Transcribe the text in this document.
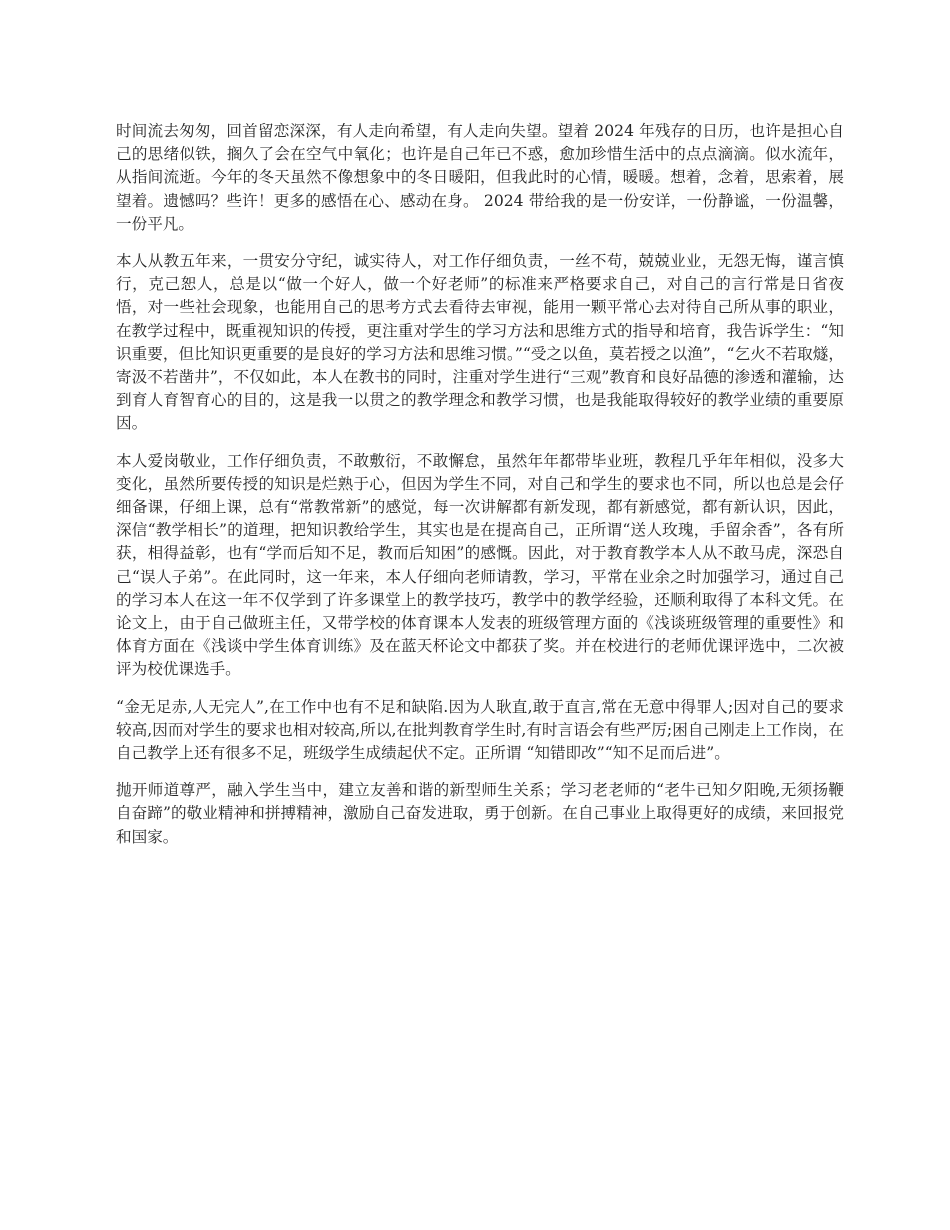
时间流去匆匆，回首留恋深深，有人走向希望，有人走向失望。望着 2024 年残存的日历，也许是担心自己的思绪似铁，搁久了会在空气中氧化；也许是自己年已不惑，愈加珍惜生活中的点点滴滴。似水流年，从指间流逝。今年的冬天虽然不像想象中的冬日暖阳，但我此时的心情，暖暖。想着，念着，思索着，展望着。遗憾吗？些许！更多的感悟在心、感动在身。 2024 带给我的是一份安详，一份静谧，一份温馨，一份平凡。

本人从教五年来，一贯安分守纪，诚实待人，对工作仔细负责，一丝不苟，兢兢业业，无怨无悔，谨言慎行，克己恕人，总是以“做一个好人，做一个好老师”的标准来严格要求自己，对自己的言行常是日省夜悟，对一些社会现象，也能用自己的思考方式去看待去审视，能用一颗平常心去对待自己所从事的职业，在教学过程中，既重视知识的传授，更注重对学生的学习方法和思维方式的指导和培育，我告诉学生：“知识重要，但比知识更重要的是良好的学习方法和思维习惯。”“受之以鱼，莫若授之以渔”，“乞火不若取燧，寄汲不若凿井”，不仅如此，本人在教书的同时，注重对学生进行“三观”教育和良好品德的渗透和灌输，达到育人育智育心的目的，这是我一以贯之的教学理念和教学习惯，也是我能取得较好的教学业绩的重要原因。

本人爱岗敬业，工作仔细负责，不敢敷衍，不敢懈怠，虽然年年都带毕业班，教程几乎年年相似，没多大变化，虽然所要传授的知识是烂熟于心，但因为学生不同，对自己和学生的要求也不同，所以也总是会仔细备课，仔细上课，总有“常教常新”的感觉，每一次讲解都有新发现，都有新感觉，都有新认识，因此，深信“教学相长”的道理，把知识教给学生，其实也是在提高自己，正所谓“送人玫瑰，手留余香”，各有所获，相得益彰，也有“学而后知不足，教而后知困”的感慨。因此，对于教育教学本人从不敢马虎，深恐自己“误人子弟”。在此同时，这一年来，本人仔细向老师请教，学习，平常在业余之时加强学习，通过自己的学习本人在这一年不仅学到了许多课堂上的教学技巧，教学中的教学经验，还顺利取得了本科文凭。在论文上，由于自己做班主任，又带学校的体育课本人发表的班级管理方面的《浅谈班级管理的重要性》和体育方面在《浅谈中学生体育训练》及在蓝天杯论文中都获了奖。并在校进行的老师优课评选中，二次被评为校优课选手。

“金无足赤,人无完人”,在工作中也有不足和缺陷.因为人耿直,敢于直言,常在无意中得罪人;因对自己的要求较高,因而对学生的要求也相对较高,所以,在批判教育学生时,有时言语会有些严厉;困自己刚走上工作岗，在自己教学上还有很多不足，班级学生成绩起伏不定。正所谓 “知错即改”“知不足而后进”。

抛开师道尊严，融入学生当中，建立友善和谐的新型师生关系；学习老老师的“老牛已知夕阳晚,无须扬鞭自奋蹄”的敬业精神和拼搏精神，激励自己奋发进取，勇于创新。在自己事业上取得更好的成绩，来回报党和国家。
